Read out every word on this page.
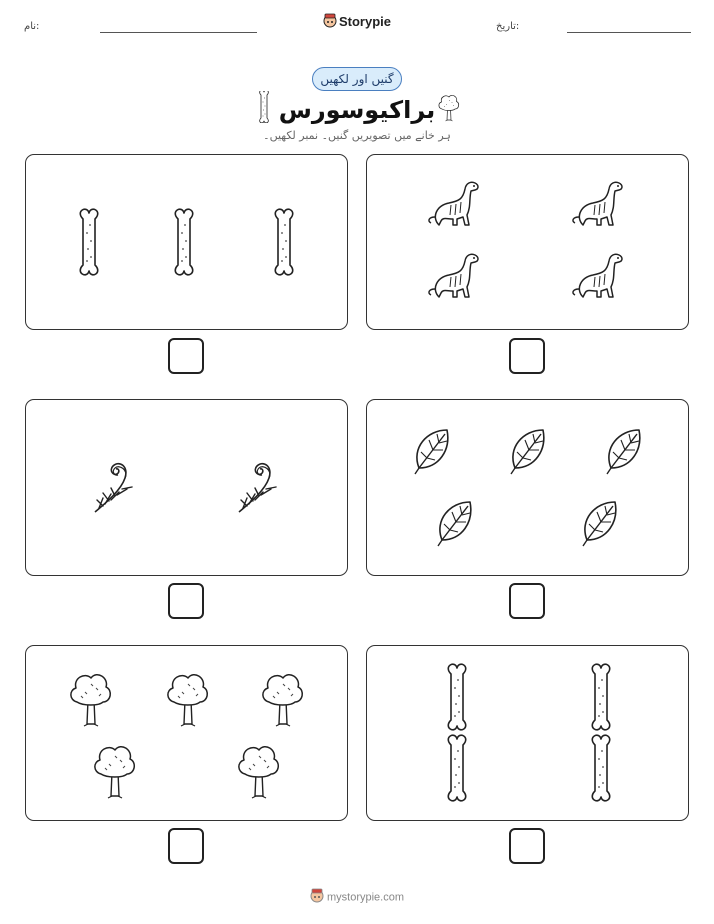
نام:	تاریخ:
Storypie
گنیں اور لکھیں
براکیوسورس
ہر خانے میں تصویریں گنیں۔ نمبر لکھیں۔
mystorypie.com
